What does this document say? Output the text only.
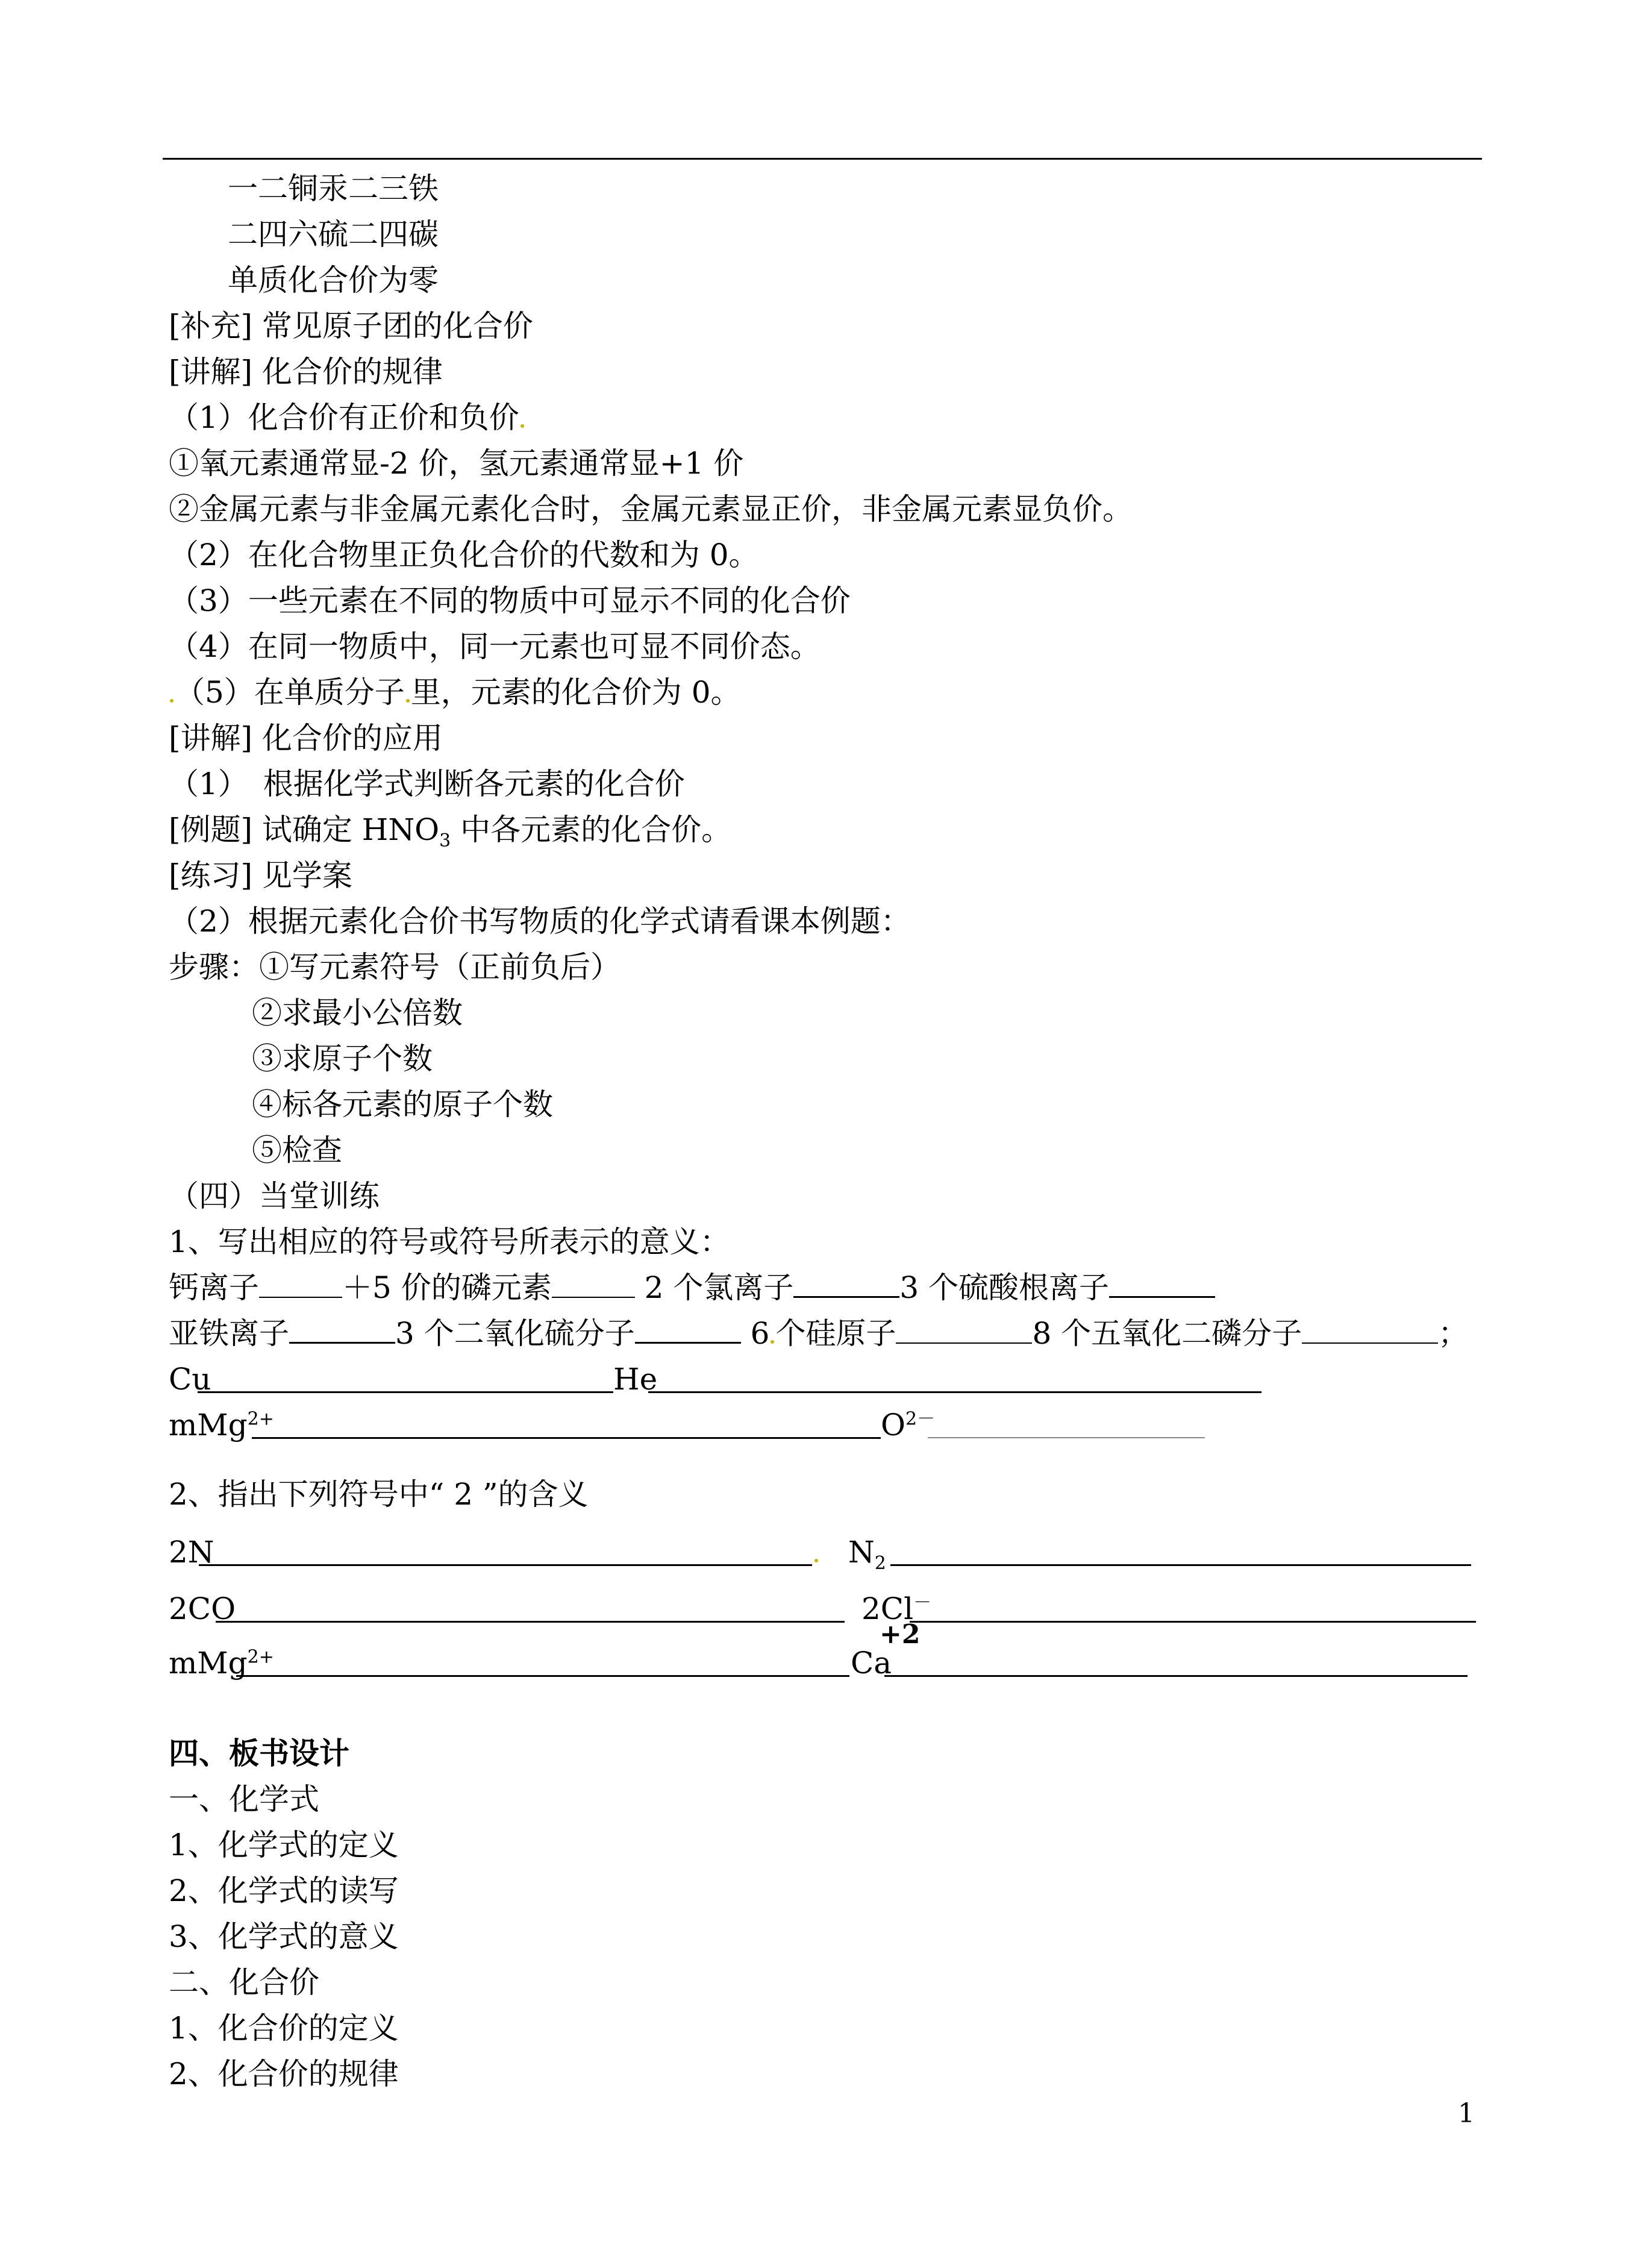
一二铜汞二三铁
二四六硫二四碳
单质化合价为零
[补充] 常见原子团的化合价
[讲解] 化合价的规律
（1）化合价有正价和负价
①氧元素通常显-2 价，氢元素通常显+1 价
②金属元素与非金属元素化合时，金属元素显正价，非金属元素显负价。
（2）在化合物里正负化合价的代数和为 0。
（3）一些元素在不同的物质中可显示不同的化合价
（4）在同一物质中，同一元素也可显不同价态。
（5）在单质分子 里，元素的化合价为 0。
[讲解] 化合价的应用
（1）　根据化学式判断各元素的化合价
[例题] 试确定 $HNO_3$ 中各元素的化合价。
[练习] 见学案
（2）根据元素化合价书写物质的化学式请看课本例题：
步骤：①写元素符号（正前负后）
②求最小公倍数
③求原子个数
④标各元素的原子个数
⑤检查
（四）当堂训练
1、写出相应的符号或符号所表示的意义：
钙离子	＋5 价的磷元素	2 个氯离子	3 个硫酸根离子
亚铁离子	3 个二氧化硫分子	6 个硅原子	8 个五氧化二磷分子	；
Cu	He
mMg$^{2+}$	$O^{2-}$
2、指出下列符号中“ 2 ”的含义
2N	$N_2$
2CO	2Cl－
mMg$^{2+}$
+2
Ca
四、板书设计
一、化学式
1、化学式的定义
2、化学式的读写
3、化学式的意义
二、化合价
1、化合价的定义
2、化合价的规律
1
